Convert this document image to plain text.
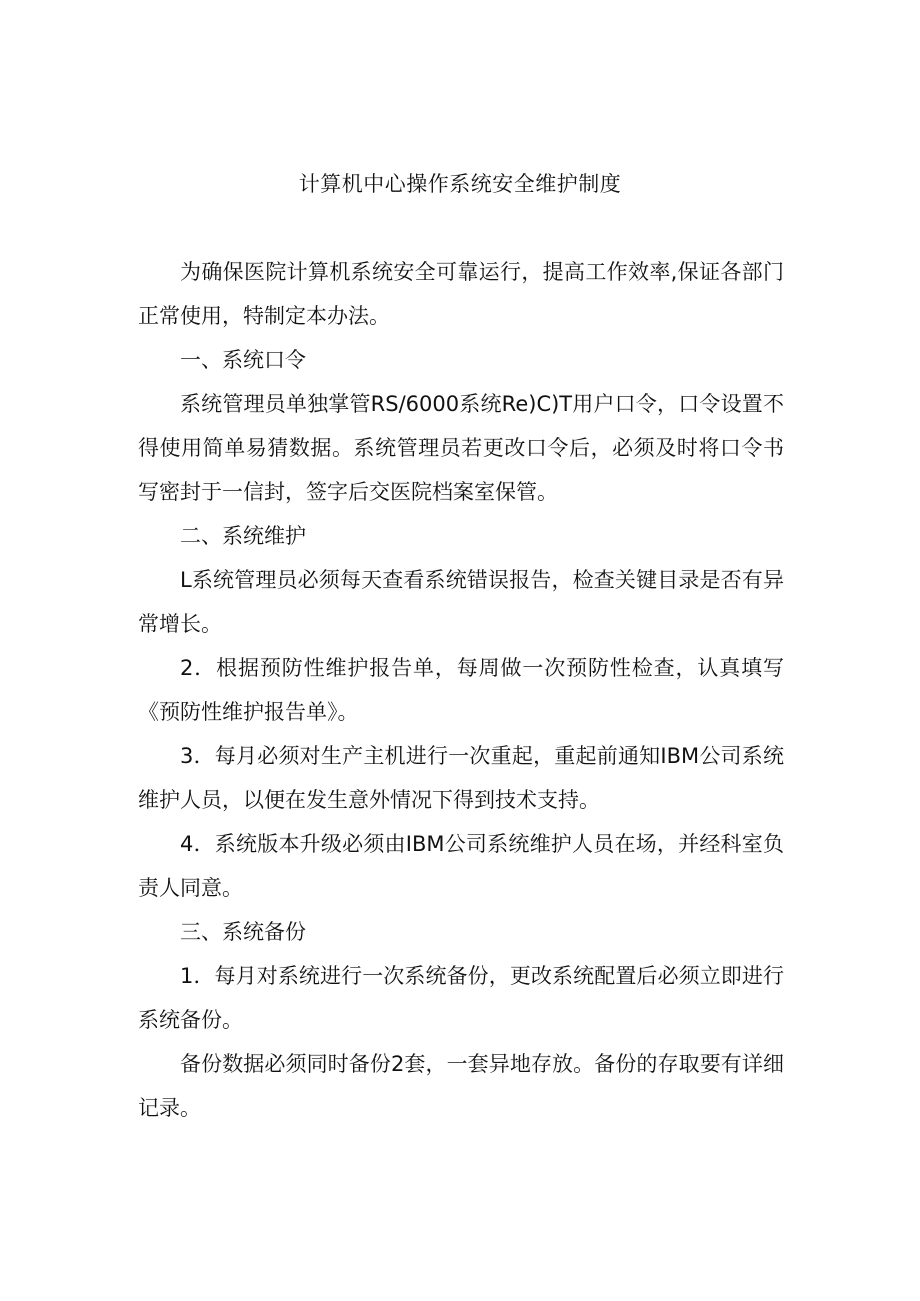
计算机中心操作系统安全维护制度

为确保医院计算机系统安全可靠运行，提高工作效率,保证各部门正常使用，特制定本办法。

一、系统口令

系统管理员单独掌管RS/6000系统Re)C)T用户口令，口令设置不得使用简单易猜数据。系统管理员若更改口令后，必须及时将口令书写密封于一信封，签字后交医院档案室保管。

二、系统维护

L系统管理员必须每天查看系统错误报告，检查关键目录是否有异常增长。

2．根据预防性维护报告单，每周做一次预防性检查，认真填写《预防性维护报告单》。

3．每月必须对生产主机进行一次重起，重起前通知IBM公司系统维护人员，以便在发生意外情况下得到技术支持。

4．系统版本升级必须由IBM公司系统维护人员在场，并经科室负责人同意。

三、系统备份

1．每月对系统进行一次系统备份，更改系统配置后必须立即进行系统备份。

备份数据必须同时备份2套，一套异地存放。备份的存取要有详细记录。
